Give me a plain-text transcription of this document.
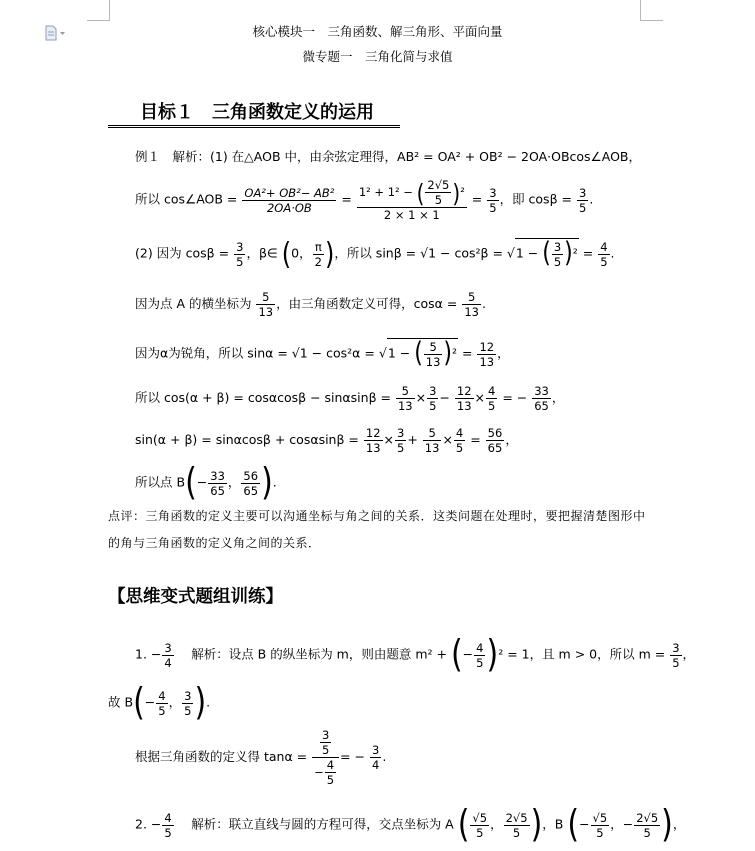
核心模块一　三角函数、解三角形、平面向量
微专题一　三角化简与求值
目标１　三角函数定义的运用
例１　解析：(1) 在△AOB 中，由余弦定理得，AB² = OA² + OB² − 2OA·OBcos∠AOB，
所以 cos∠AOB = $\frac{\text{OA²+ OB²− AB²}}{2OA\cdot OB} = \frac{1^2 + 1^2 - ( \frac{2√5}{5} )^2}{2 \times 1 \times 1} = \frac{3}{5}$ ，即 $\cos\beta = \frac{3}{5}$ .
(2) 因为 $\cos\beta = \frac{3}{5}$ ，β∈ (0， $\frac{\pi}{2}$ )，所以 sinβ = √1 − cos²β = √1 − ( $\frac{3}{5} )^2 = \frac{4}{5}$ .
因为点 A 的横坐标为 $\frac{5}{13}$ ，由三角函数定义可得，$\cos\alpha = \frac{5}{13}$ .
因为α为锐角，所以 sinα = √1 − cos²α = √1 − ( $\frac{5}{13} )^2 = \frac{12}{13}$ ，
所以 $\cos(\alpha + \beta) = \cos\alpha\cos\beta - \sin\alpha\sin\beta = \frac{5}{13} \times \frac{3}{5} - \frac{12}{13} \times \frac{4}{5}$ = − $\frac{33}{65}$ ，
$\sin(\alpha + \beta) = \sin\alpha\cos\beta + \cos\alpha\sin\beta = \frac{12}{13} \times \frac{3}{5} + \frac{5}{13} \times \frac{4}{5} = \frac{56}{65}$ ，
所以点 $B(- \frac{33}{65}$ ， $\frac{56}{65}$ ).
点评：三角函数的定义主要可以沟通坐标与角之间的关系．这类问题在处理时，要把握清楚图形中的角与三角函数的定义角之间的关系．
【思维变式题组训练】
1. − $\frac{3}{4}$
　 解析：设点 B 的纵坐标为 m，则由题意 m² + (− $\frac{4}{5} )^2 = 1$，且 m > 0，所以 $m = \frac{3}{5}$ ，
故 $B(- \frac{4}{5}$ ， $\frac{3}{5}$ ).
根据三角函数的定义得 $\tan\alpha = \frac{\frac{3}{5}}{- \frac{4}{5}}$ = − $\frac{3}{4}$ .
2. − $\frac{4}{5}$
　 解析：联立直线与圆的方程可得，交点坐标为 A ( $\frac{√5}{5}$ ， $\frac{2√5}{5}$ )，B (− $\frac{√5}{5}$ ，− $\frac{2√5}{5}$ )，
